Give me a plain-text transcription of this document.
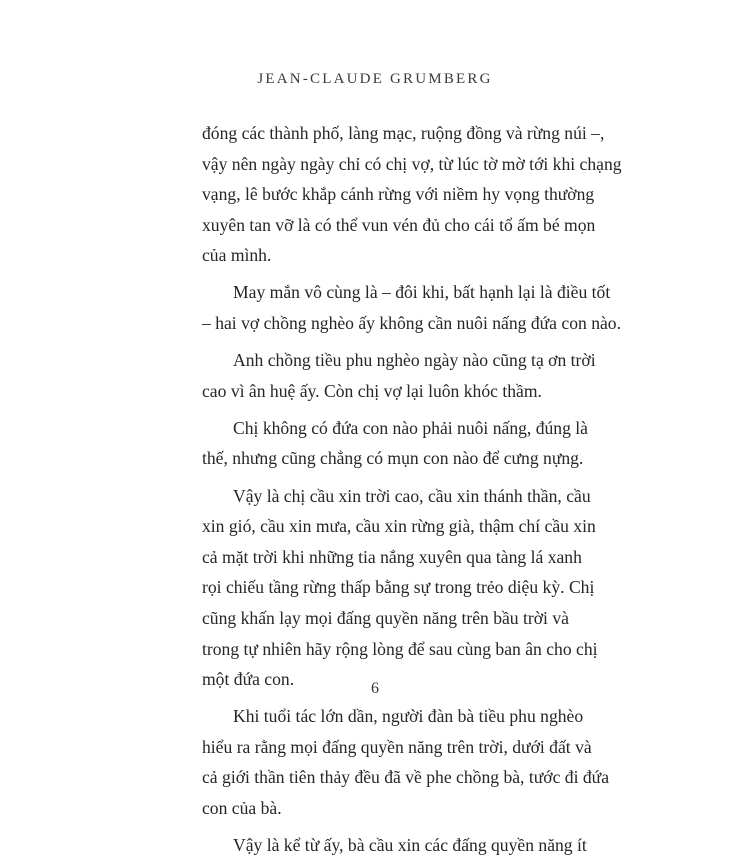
JEAN-CLAUDE GRUMBERG

đóng các thành phố, làng mạc, ruộng đồng và rừng núi –,
vậy nên ngày ngày chỉ có chị vợ, từ lúc tờ mờ tới khi chạng
vạng, lê bước khắp cánh rừng với niềm hy vọng thường
xuyên tan vỡ là có thể vun vén đủ cho cái tổ ấm bé mọn
của mình.

May mắn vô cùng là – đôi khi, bất hạnh lại là điều tốt
– hai vợ chồng nghèo ấy không cần nuôi nấng đứa con nào.

Anh chồng tiều phu nghèo ngày nào cũng tạ ơn trời
cao vì ân huệ ấy. Còn chị vợ lại luôn khóc thầm.

Chị không có đứa con nào phải nuôi nấng, đúng là
thế, nhưng cũng chẳng có mụn con nào để cưng nựng.

Vậy là chị cầu xin trời cao, cầu xin thánh thần, cầu
xin gió, cầu xin mưa, cầu xin rừng già, thậm chí cầu xin
cả mặt trời khi những tia nắng xuyên qua tàng lá xanh
rọi chiếu tầng rừng thấp bằng sự trong trẻo diệu kỳ. Chị
cũng khấn lạy mọi đấng quyền năng trên bầu trời và
trong tự nhiên hãy rộng lòng để sau cùng ban ân cho chị
một đứa con.

Khi tuổi tác lớn dần, người đàn bà tiều phu nghèo
hiểu ra rằng mọi đấng quyền năng trên trời, dưới đất và
cả giới thần tiên thảy đều đã về phe chồng bà, tước đi đứa
con của bà.

Vậy là kể từ ấy, bà cầu xin các đấng quyền năng ít

6
